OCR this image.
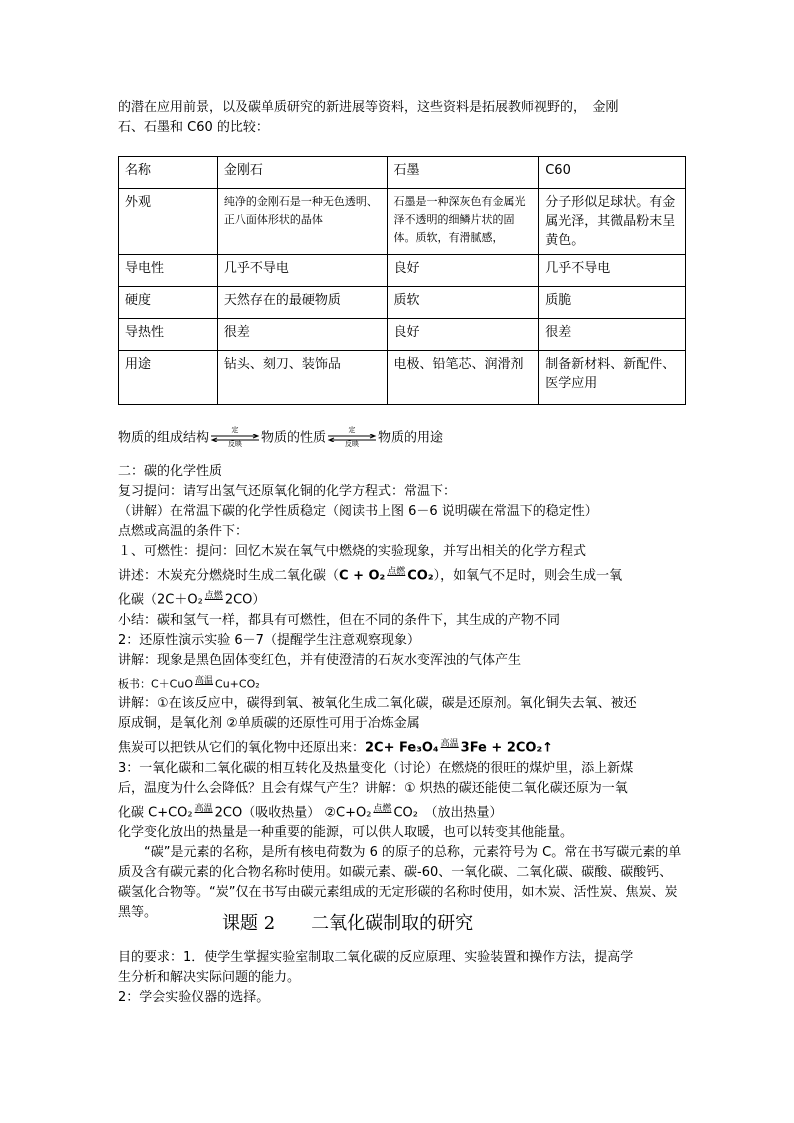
的潜在应用前景，以及碳单质研究的新进展等资料，这些资料是拓展教师视野的，　金刚
石、石墨和 C60 的比较：
名称	金刚石	石墨	C60
外观	纯净的金刚石是一种无色透明、正八面体形状的晶体	石墨是一种深灰色有金属光泽不透明的细鳞片状的固体。质软，有滑腻感，	分子形似足球状。有金属光泽，其微晶粉末呈黄色。
导电性	几乎不导电	良好	几乎不导电
硬度	天然存在的最硬物质	质软	质脆
导热性	很差	良好	很差
用途	钻头、刻刀、装饰品	电极、铅笔芯、润滑剂	制备新材料、新配件、医学应用
物质的组成结构
定
反映	物质的性质
定
反映	物质的用途
二：碳的化学性质
复习提问：请写出氢气还原氧化铜的化学方程式：常温下：
（讲解）在常温下碳的化学性质稳定（阅读书上图 6－6 说明碳在常温下的稳定性）
点燃或高温的条件下：
１、可燃性：提问：回忆木炭在氧气中燃烧的实验现象，并写出相关的化学方程式
讲述：木炭充分燃烧时生成二氧化碳（C + O₂ 点燃 CO₂），如氧气不足时，则会生成一氧
化碳（2C＋O₂ 点燃 2CO）
小结：碳和氢气一样，都具有可燃性，但在不同的条件下，其生成的产物不同
2：还原性演示实验 6－7（提醒学生注意观察现象）
讲解：现象是黑色固体变红色，并有使澄清的石灰水变浑浊的气体产生
板书：C＋CuO 高温 Cu+CO₂
讲解：①在该反应中，碳得到氧、被氧化生成二氧化碳，碳是还原剂。氧化铜失去氧、被还
原成铜，是氧化剂 ②单质碳的还原性可用于冶炼金属
焦炭可以把铁从它们的氧化物中还原出来：2C+ Fe₃O₄ 高温 3Fe + 2CO₂↑
3：一氧化碳和二氧化碳的相互转化及热量变化（讨论）在燃烧的很旺的煤炉里，添上新煤
后，温度为什么会降低？且会有煤气产生？讲解：① 炽热的碳还能使二氧化碳还原为一氧
化碳 C+CO₂ 高温 2CO（吸收热量） ②C+O₂ 点燃 CO₂　（放出热量）
化学变化放出的热量是一种重要的能源，可以供人取暖，也可以转变其他能量。
　　“碳”是元素的名称，是所有核电荷数为 6 的原子的总称，元素符号为 C。常在书写碳元素的单质及含有碳元素的化合物名称时使用。如碳元素、碳-60、一氧化碳、二氧化碳、碳酸、碳酸钙、碳氢化合物等。“炭”仅在书写由碳元素组成的无定形碳的名称时使用，如木炭、活性炭、焦炭、炭黑等。
课题 2　　二氧化碳制取的研究
目的要求：1．使学生掌握实验室制取二氧化碳的反应原理、实验装置和操作方法，提高学
生分析和解决实际问题的能力。
2：学会实验仪器的选择。
